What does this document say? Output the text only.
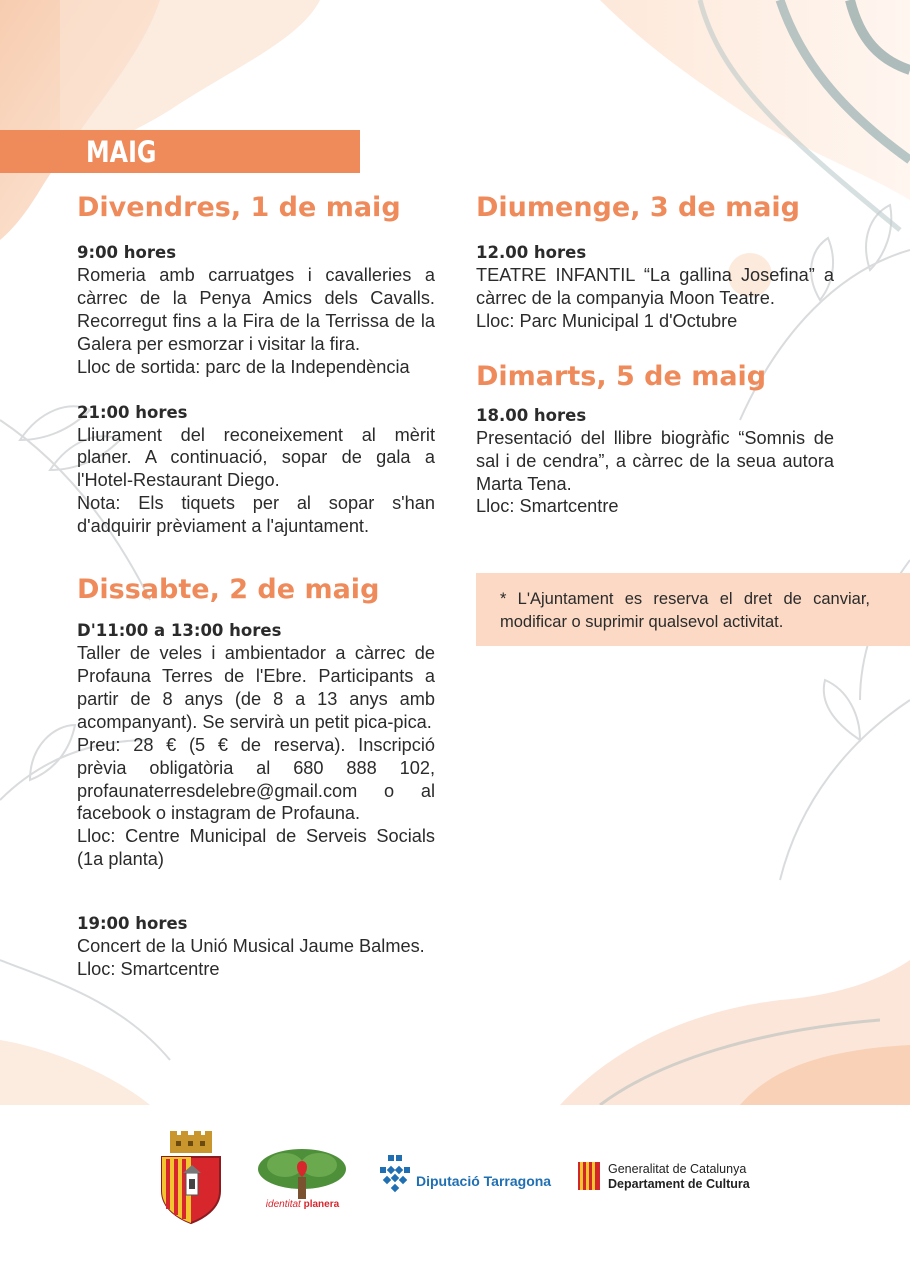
MAIG
Divendres, 1 de maig

9:00 hores

Romeria amb carruatges i cavalleries a càrrec de la Penya Amics dels Cavalls. Recorregut fins a la Fira de la Terrissa de la Galera per esmorzar i visitar la fira.
Lloc de sortida: parc de la Independència

21:00 hores

Lliurament del reconeixement al mèrit planer. A continuació, sopar de gala a l'Hotel-Restaurant Diego.
Nota: Els tiquets per al sopar s'han d'adquirir prèviament a l'ajuntament.

Dissabte, 2 de maig

D'11:00 a 13:00 hores

Taller de veles i ambientador a càrrec de Profauna Terres de l'Ebre. Participants a partir de 8 anys (de 8 a 13 anys amb acompanyant). Se servirà un petit pica-pica.
Preu: 28 € (5 € de reserva). Inscripció prèvia obligatòria al 680 888 102, profaunaterresdelebre@gmail.com o al facebook o instagram de Profauna.
Lloc: Centre Municipal de Serveis Socials (1a planta)

19:00 hores

Concert de la Unió Musical Jaume Balmes.
Lloc: Smartcentre

Diumenge, 3 de maig

12.00 hores

TEATRE INFANTIL “La gallina Josefina” a càrrec de la companyia Moon Teatre.
Lloc: Parc Municipal 1 d'Octubre

Dimarts, 5 de maig

18.00 hores

Presentació del llibre biogràfic “Somnis de sal i de cendra”, a càrrec de la seua autora Marta Tena.
Lloc: Smartcentre

* L'Ajuntament es reserva el dret de canviar, modificar o suprimir qualsevol activitat.

identitat planera
Diputació Tarragona
Generalitat de Catalunya
Departament de Cultura
